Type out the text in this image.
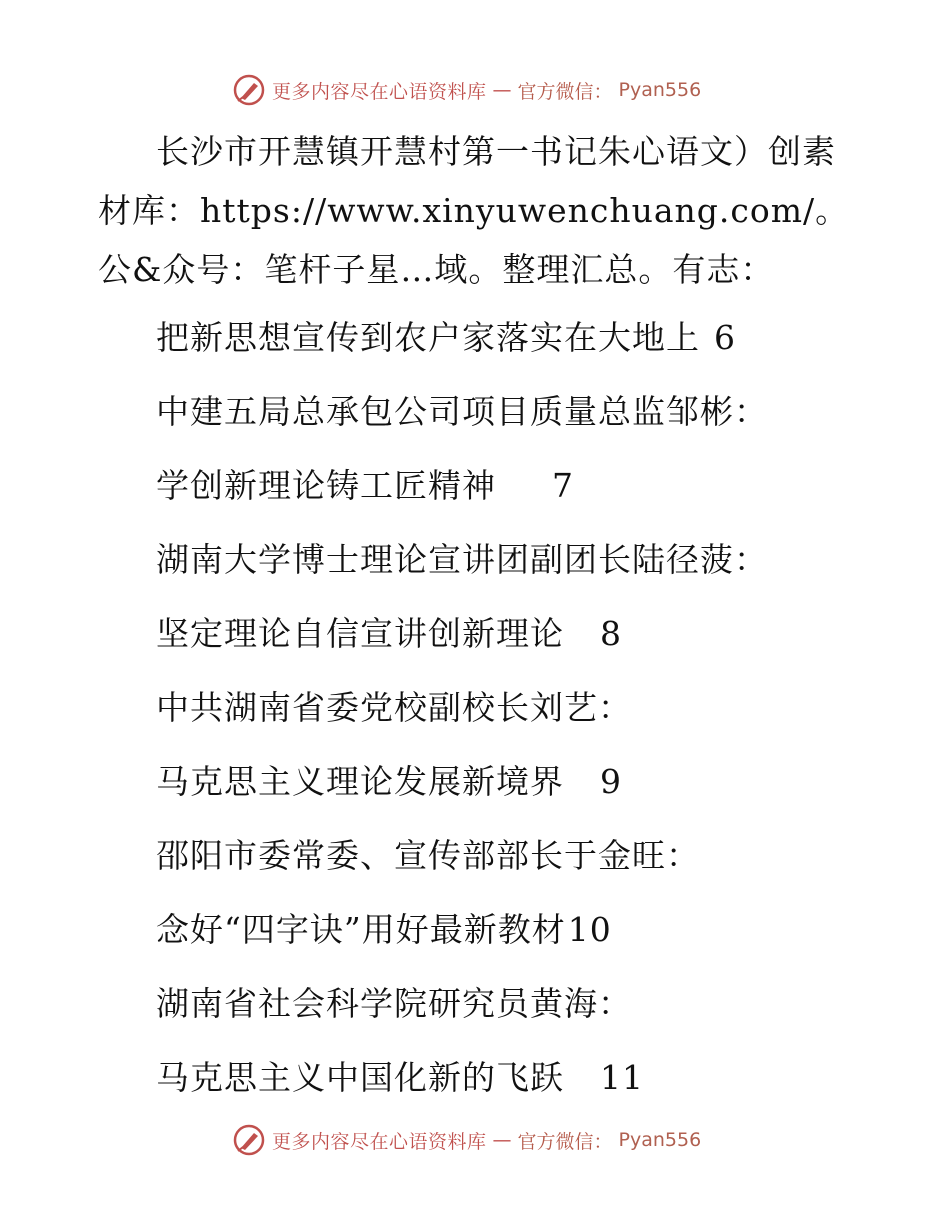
更多内容尽在心语资料库 — 官方微信： Pyan556

长沙市开慧镇开慧村第一书记朱心语文）创素材库：https://www.xinyuwenchuang.com/。公&众号：笔杆子星…域。整理汇总。有志：

把新思想宣传到农户家落实在大地上 6

中建五局总承包公司项目质量总监邹彬：

学创新理论铸工匠精神 7

湖南大学博士理论宣讲团副团长陆径菠：

坚定理论自信宣讲创新理论 8

中共湖南省委党校副校长刘艺：

马克思主义理论发展新境界 9

邵阳市委常委、宣传部部长于金旺：

念好“四字诀”用好最新教材10

湖南省社会科学院研究员黄海：

马克思主义中国化新的飞跃 11

更多内容尽在心语资料库 — 官方微信： Pyan556
